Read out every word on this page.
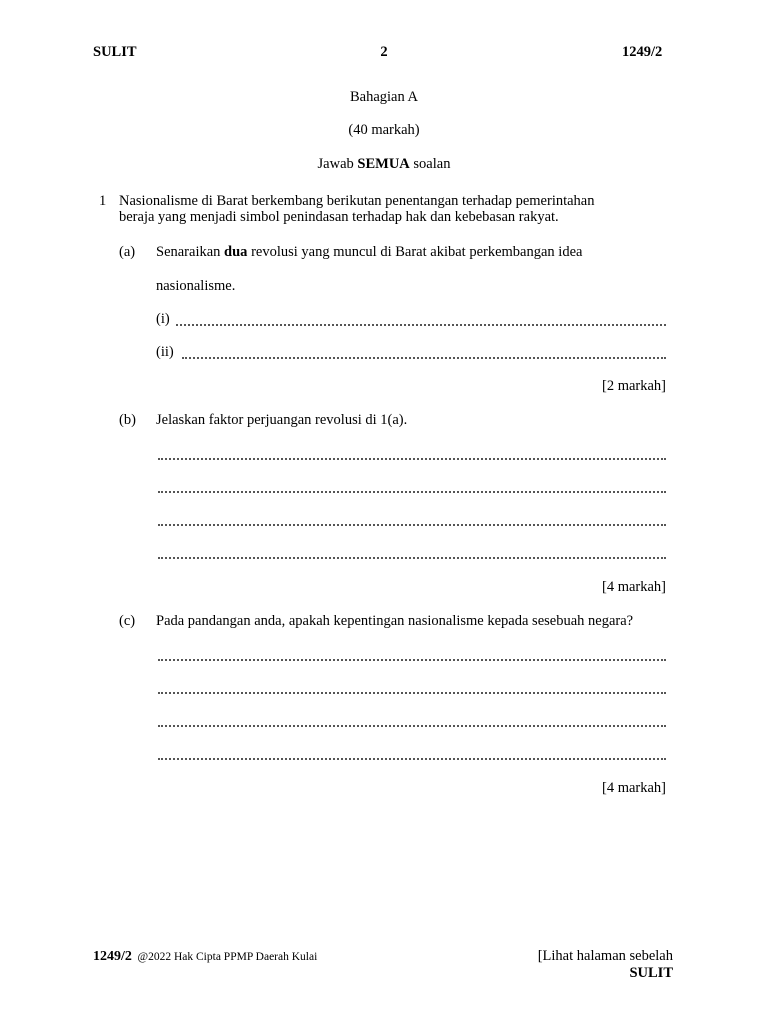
SULIT	2	1249/2
Bahagian A
(40 markah)
Jawab SEMUA soalan
1 Nasionalisme di Barat berkembang berikutan penentangan terhadap pemerintahan
beraja yang menjadi simbol penindasan terhadap hak dan kebebasan rakyat.
(a) Senaraikan dua revolusi yang muncul di Barat akibat perkembangan idea
nasionalisme.
(i)
(ii)
[2 markah]
(b) Jelaskan faktor perjuangan revolusi di 1(a).
[4 markah]
(c) Pada pandangan anda, apakah kepentingan nasionalisme kepada sesebuah negara?
[4 markah]
1249/2 @2022 Hak Cipta PPMP Daerah Kulai	[Lihat halaman sebelah
SULIT
